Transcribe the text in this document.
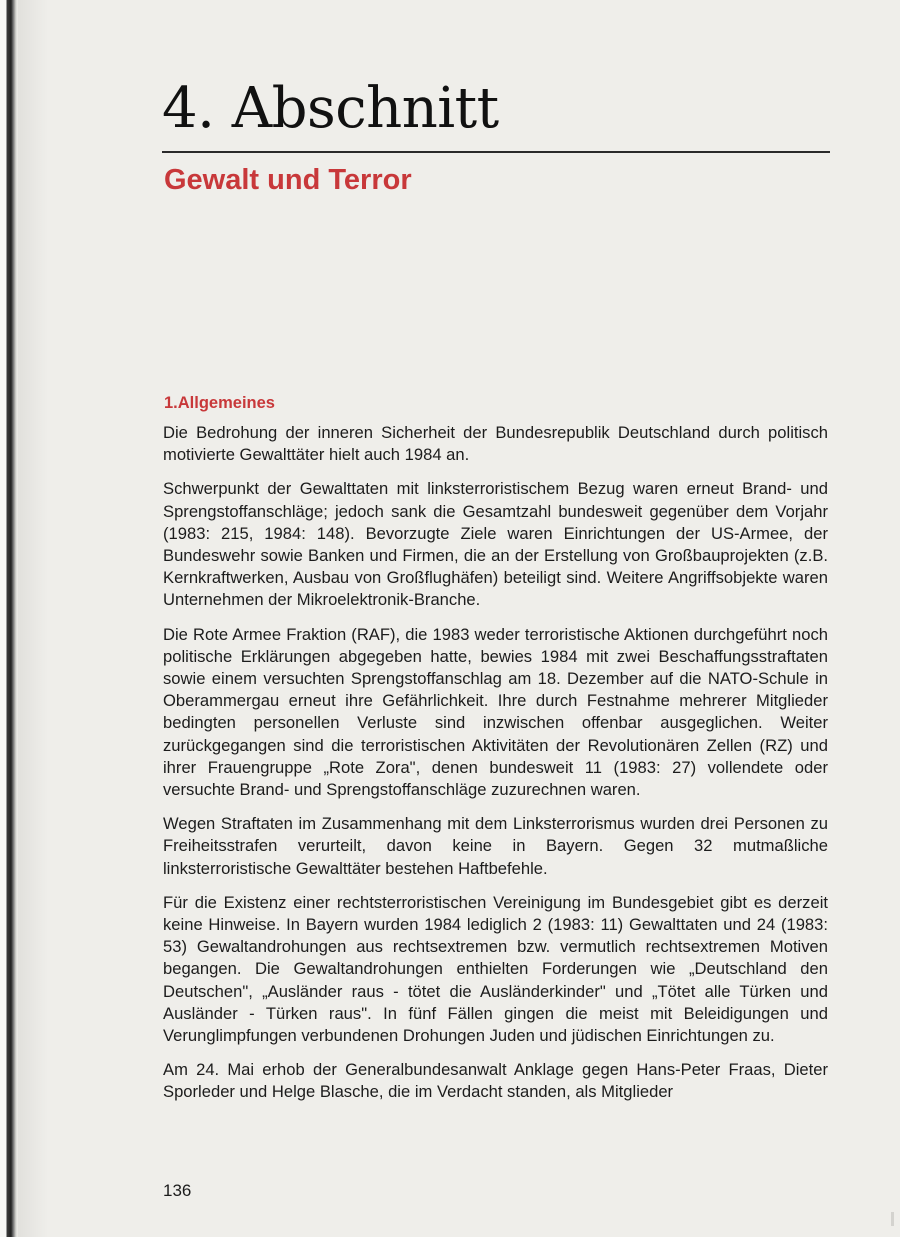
4. Abschnitt
Gewalt und Terror
1.Allgemeines

Die Bedrohung der inneren Sicherheit der Bundesrepublik Deutschland durch politisch motivierte Gewalttäter hielt auch 1984 an.

Schwerpunkt der Gewalttaten mit linksterroristischem Bezug waren erneut Brand- und Sprengstoffanschläge; jedoch sank die Gesamtzahl bundesweit gegenüber dem Vorjahr (1983: 215, 1984: 148). Bevorzugte Ziele waren Einrichtungen der US-Armee, der Bundeswehr sowie Banken und Firmen, die an der Erstellung von Großbauprojekten (z.B. Kernkraftwerken, Ausbau von Großflughäfen) beteiligt sind. Weitere Angriffsobjekte waren Unternehmen der Mikroelektronik-Branche.

Die Rote Armee Fraktion (RAF), die 1983 weder terroristische Aktionen durchgeführt noch politische Erklärungen abgegeben hatte, bewies 1984 mit zwei Beschaffungsstraftaten sowie einem versuchten Sprengstoffanschlag am 18. Dezember auf die NATO-Schule in Oberammergau erneut ihre Gefährlichkeit. Ihre durch Festnahme mehrerer Mitglieder bedingten personellen Verluste sind inzwischen offenbar ausgeglichen. Weiter zurückgegangen sind die terroristischen Aktivitäten der Revolutionären Zellen (RZ) und ihrer Frauengruppe „Rote Zora", denen bundesweit 11 (1983: 27) vollendete oder versuchte Brand- und Sprengstoffanschläge zuzurechnen waren.

Wegen Straftaten im Zusammenhang mit dem Linksterrorismus wurden drei Personen zu Freiheitsstrafen verurteilt, davon keine in Bayern. Gegen 32 mutmaßliche linksterroristische Gewalttäter bestehen Haftbefehle.

Für die Existenz einer rechtsterroristischen Vereinigung im Bundesgebiet gibt es derzeit keine Hinweise. In Bayern wurden 1984 lediglich 2 (1983: 11) Gewalttaten und 24 (1983: 53) Gewaltandrohungen aus rechtsextremen bzw. vermutlich rechtsextremen Motiven begangen. Die Gewaltandrohungen enthielten Forderungen wie „Deutschland den Deutschen", „Ausländer raus - tötet die Ausländerkinder" und „Tötet alle Türken und Ausländer - Türken raus". In fünf Fällen gingen die meist mit Beleidigungen und Verunglimpfungen verbundenen Drohungen Juden und jüdischen Einrichtungen zu.

Am 24. Mai erhob der Generalbundesanwalt Anklage gegen Hans-Peter Fraas, Dieter Sporleder und Helge Blasche, die im Verdacht standen, als Mitglieder

136
